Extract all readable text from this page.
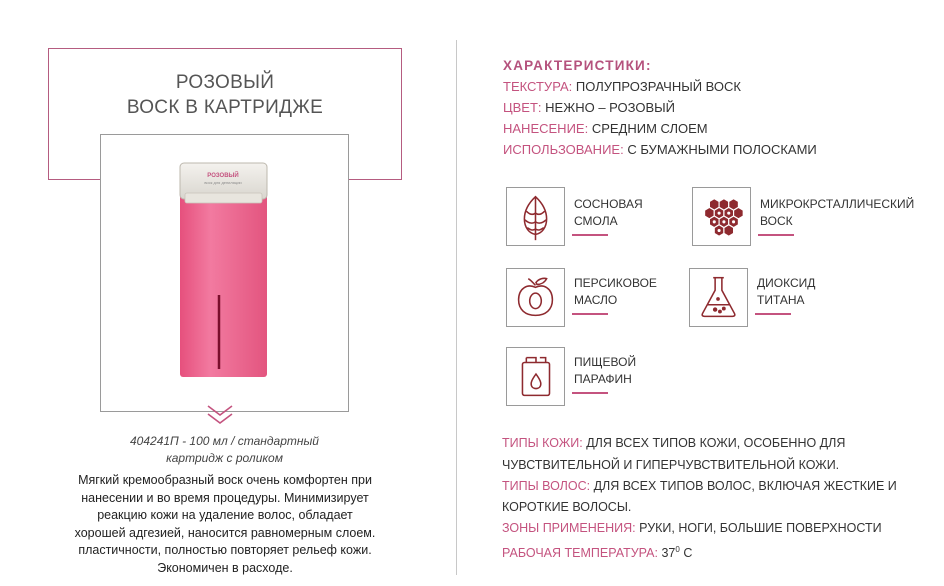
РОЗОВЫЙ
ВОСК В КАРТРИДЖЕ
РОЗОВЫЙ
воск для депиляции
404241П - 100 мл / стандартный
картридж с роликом
Мягкий кремообразный воск очень комфортен при
нанесении и во время процедуры. Минимизирует
реакцию кожи на удаление волос, обладает
хорошей адгезией, наносится равномерным слоем.
пластичности, полностью повторяет рельеф кожи.
Экономичен в расходе.
ХАРАКТЕРИСТИКИ:
ТЕКСТУРА: ПОЛУПРОЗРАЧНЫЙ ВОСК
ЦВЕТ: НЕЖНО – РОЗОВЫЙ
НАНЕСЕНИЕ: СРЕДНИМ СЛОЕМ
ИСПОЛЬЗОВАНИЕ: С БУМАЖНЫМИ ПОЛОСКАМИ
СОСНОВАЯ
СМОЛА
МИКРОКРСТАЛЛИЧЕСКИЙ
ВОСК
ПЕРСИКОВОЕ
МАСЛО
ДИОКСИД
ТИТАНА
ПИЩЕВОЙ
ПАРАФИН
ТИПЫ КОЖИ: ДЛЯ ВСЕХ ТИПОВ КОЖИ, ОСОБЕННО ДЛЯ
ЧУВСТВИТЕЛЬНОЙ И ГИПЕРЧУВСТВИТЕЛЬНОЙ КОЖИ.
ТИПЫ ВОЛОС: ДЛЯ ВСЕХ ТИПОВ ВОЛОС, ВКЛЮЧАЯ ЖЕСТКИЕ И
КОРОТКИЕ ВОЛОСЫ.
ЗОНЫ ПРИМЕНЕНИЯ: РУКИ, НОГИ, БОЛЬШИЕ ПОВЕРХНОСТИ
РАБОЧАЯ ТЕМПЕРАТУРА: $37^0$ С
